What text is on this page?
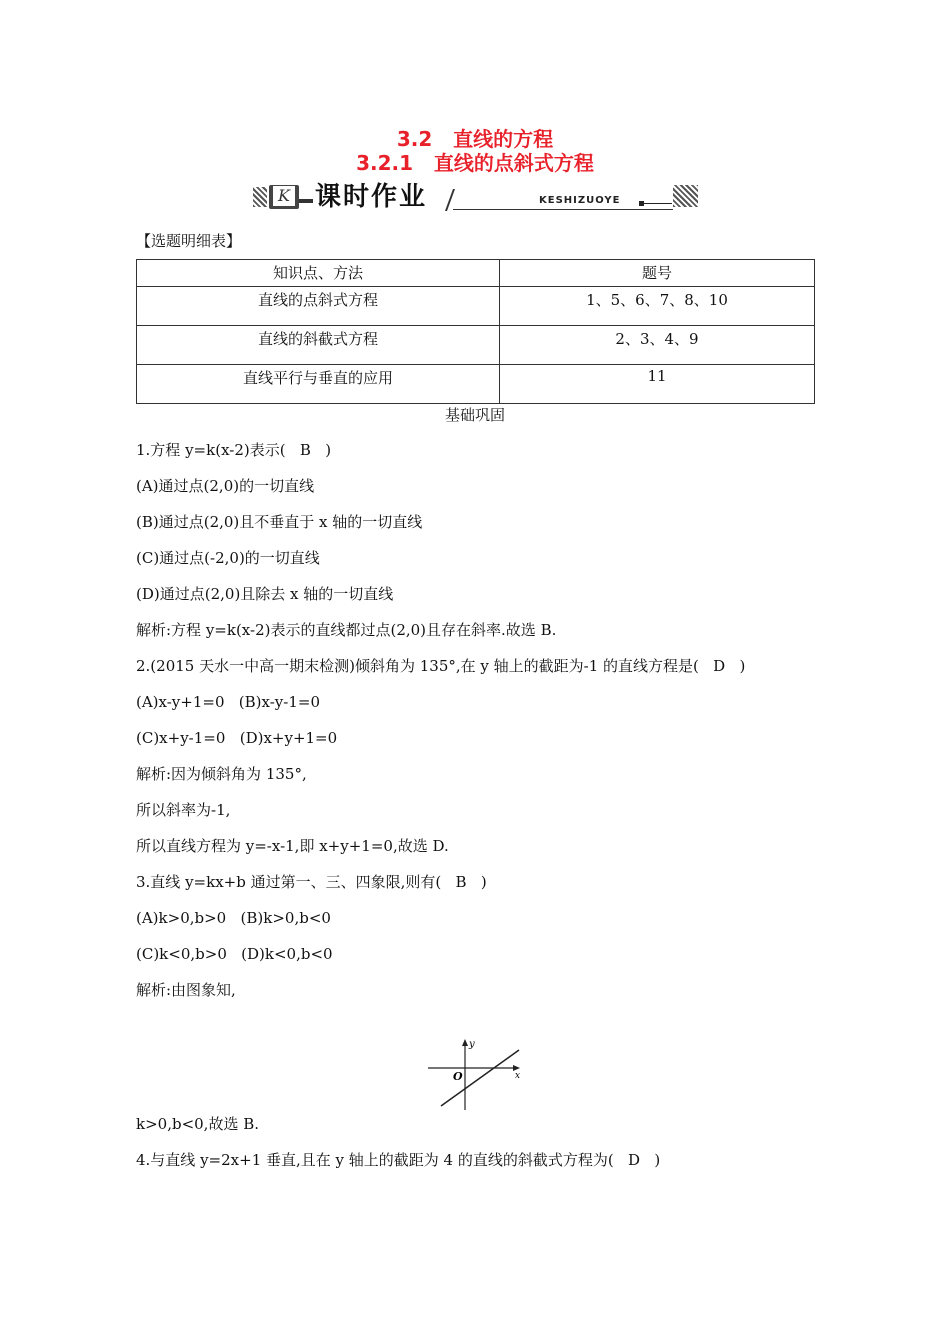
3.2   直线的方程
3.2.1   直线的点斜式方程
K 课时作业	KESHIZUOYE
【选题明细表】
知识点、方法	题号
直线的点斜式方程	1、5、6、7、8、10
直线的斜截式方程	2、3、4、9
直线平行与垂直的应用	11
基础巩固
1.方程 y=k(x-2)表示(   B   )
(A)通过点(2,0)的一切直线
(B)通过点(2,0)且不垂直于 x 轴的一切直线
(C)通过点(-2,0)的一切直线
(D)通过点(2,0)且除去 x 轴的一切直线
解析:方程 y=k(x-2)表示的直线都过点(2,0)且存在斜率.故选 B.
2.(2015 天水一中高一期末检测)倾斜角为 135°,在 y 轴上的截距为-1 的直线方程是(   D   )
(A)x-y+1=0   (B)x-y-1=0
(C)x+y-1=0   (D)x+y+1=0
解析:因为倾斜角为 135°,
所以斜率为-1,
所以直线方程为 y=-x-1,即 x+y+1=0,故选 D.
3.直线 y=kx+b 通过第一、三、四象限,则有(   B   )
(A)k>0,b>0   (B)k>0,b<0
(C)k<0,b>0   (D)k<0,b<0
解析:由图象知,
y
x
O
k>0,b<0,故选 B.
4.与直线 y=2x+1 垂直,且在 y 轴上的截距为 4 的直线的斜截式方程为(   D   )
